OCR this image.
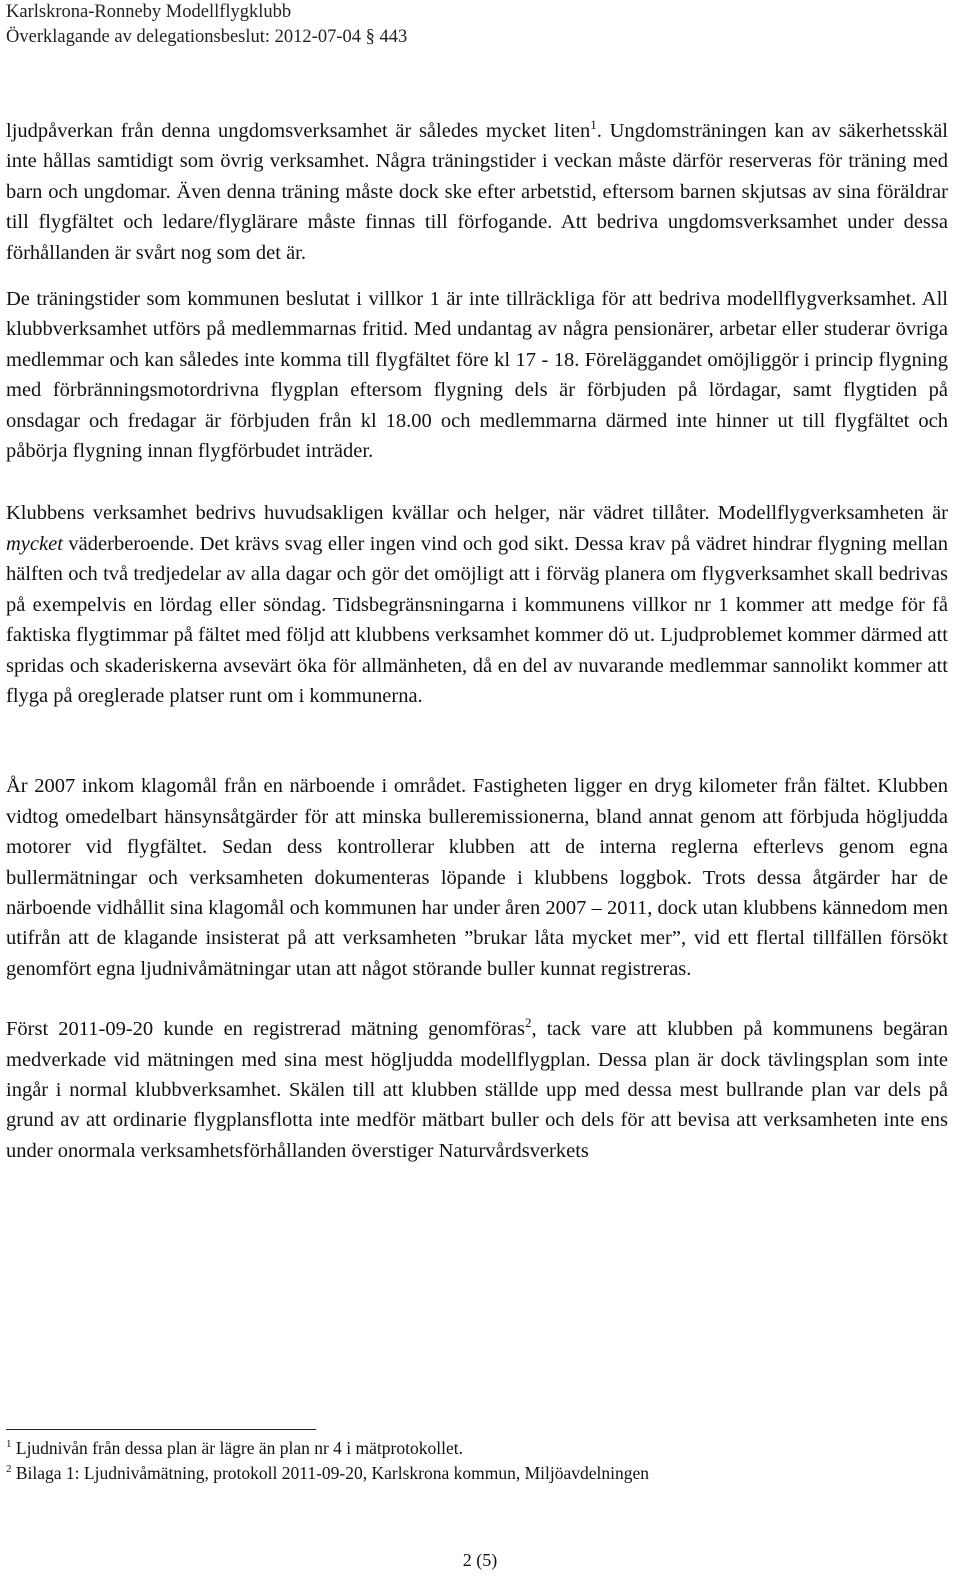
Karlskrona-Ronneby Modellflygklubb
Överklagande av delegationsbeslut: 2012-07-04 § 443

ljudpåverkan från denna ungdomsverksamhet är således mycket liten$^1$. Ungdomsträningen kan av säkerhetsskäl inte hållas samtidigt som övrig verksamhet. Några träningstider i veckan måste därför reserveras för träning med barn och ungdomar. Även denna träning måste dock ske efter arbetstid, eftersom barnen skjutsas av sina föräldrar till flygfältet och ledare/flyglärare måste finnas till förfogande. Att bedriva ungdomsverksamhet under dessa förhållanden är svårt nog som det är.

De träningstider som kommunen beslutat i villkor 1 är inte tillräckliga för att bedriva modellflygverksamhet. All klubbverksamhet utförs på medlemmarnas fritid. Med undantag av några pensionärer, arbetar eller studerar övriga medlemmar och kan således inte komma till flygfältet före kl 17 - 18. Föreläggandet omöjliggör i princip flygning med förbränningsmotordrivna flygplan eftersom flygning dels är förbjuden på lördagar, samt flygtiden på onsdagar och fredagar är förbjuden från kl 18.00 och medlemmarna därmed inte hinner ut till flygfältet och påbörja flygning innan flygförbudet inträder.

Klubbens verksamhet bedrivs huvudsakligen kvällar och helger, när vädret tillåter. Modellflygverksamheten är mycket väderberoende. Det krävs svag eller ingen vind och god sikt. Dessa krav på vädret hindrar flygning mellan hälften och två tredjedelar av alla dagar och gör det omöjligt att i förväg planera om flygverksamhet skall bedrivas på exempelvis en lördag eller söndag. Tidsbegränsningarna i kommunens villkor nr 1 kommer att medge för få faktiska flygtimmar på fältet med följd att klubbens verksamhet kommer dö ut. Ljudproblemet kommer därmed att spridas och skaderiskerna avsevärt öka för allmänheten, då en del av nuvarande medlemmar sannolikt kommer att flyga på oreglerade platser runt om i kommunerna.

År 2007 inkom klagomål från en närboende i området. Fastigheten ligger en dryg kilometer från fältet. Klubben vidtog omedelbart hänsynsåtgärder för att minska bulleremissionerna, bland annat genom att förbjuda högljudda motorer vid flygfältet. Sedan dess kontrollerar klubben att de interna reglerna efterlevs genom egna bullermätningar och verksamheten dokumenteras löpande i klubbens loggbok. Trots dessa åtgärder har de närboende vidhållit sina klagomål och kommunen har under åren 2007 – 2011, dock utan klubbens kännedom men utifrån att de klagande insisterat på att verksamheten ”brukar låta mycket mer”, vid ett flertal tillfällen försökt genomfört egna ljudnivåmätningar utan att något störande buller kunnat registreras.

Först 2011-09-20 kunde en registrerad mätning genomföras$^2$, tack vare att klubben på kommunens begäran medverkade vid mätningen med sina mest högljudda modellflygplan. Dessa plan är dock tävlingsplan som inte ingår i normal klubbverksamhet. Skälen till att klubben ställde upp med dessa mest bullrande plan var dels på grund av att ordinarie flygplansflotta inte medför mätbart buller och dels för att bevisa att verksamheten inte ens under onormala verksamhetsförhållanden överstiger Naturvårdsverkets

$^1$ Ljudnivån från dessa plan är lägre än plan nr 4 i mätprotokollet.
$^2$ Bilaga 1: Ljudnivåmätning, protokoll 2011-09-20, Karlskrona kommun, Miljöavdelningen
2 (5)
